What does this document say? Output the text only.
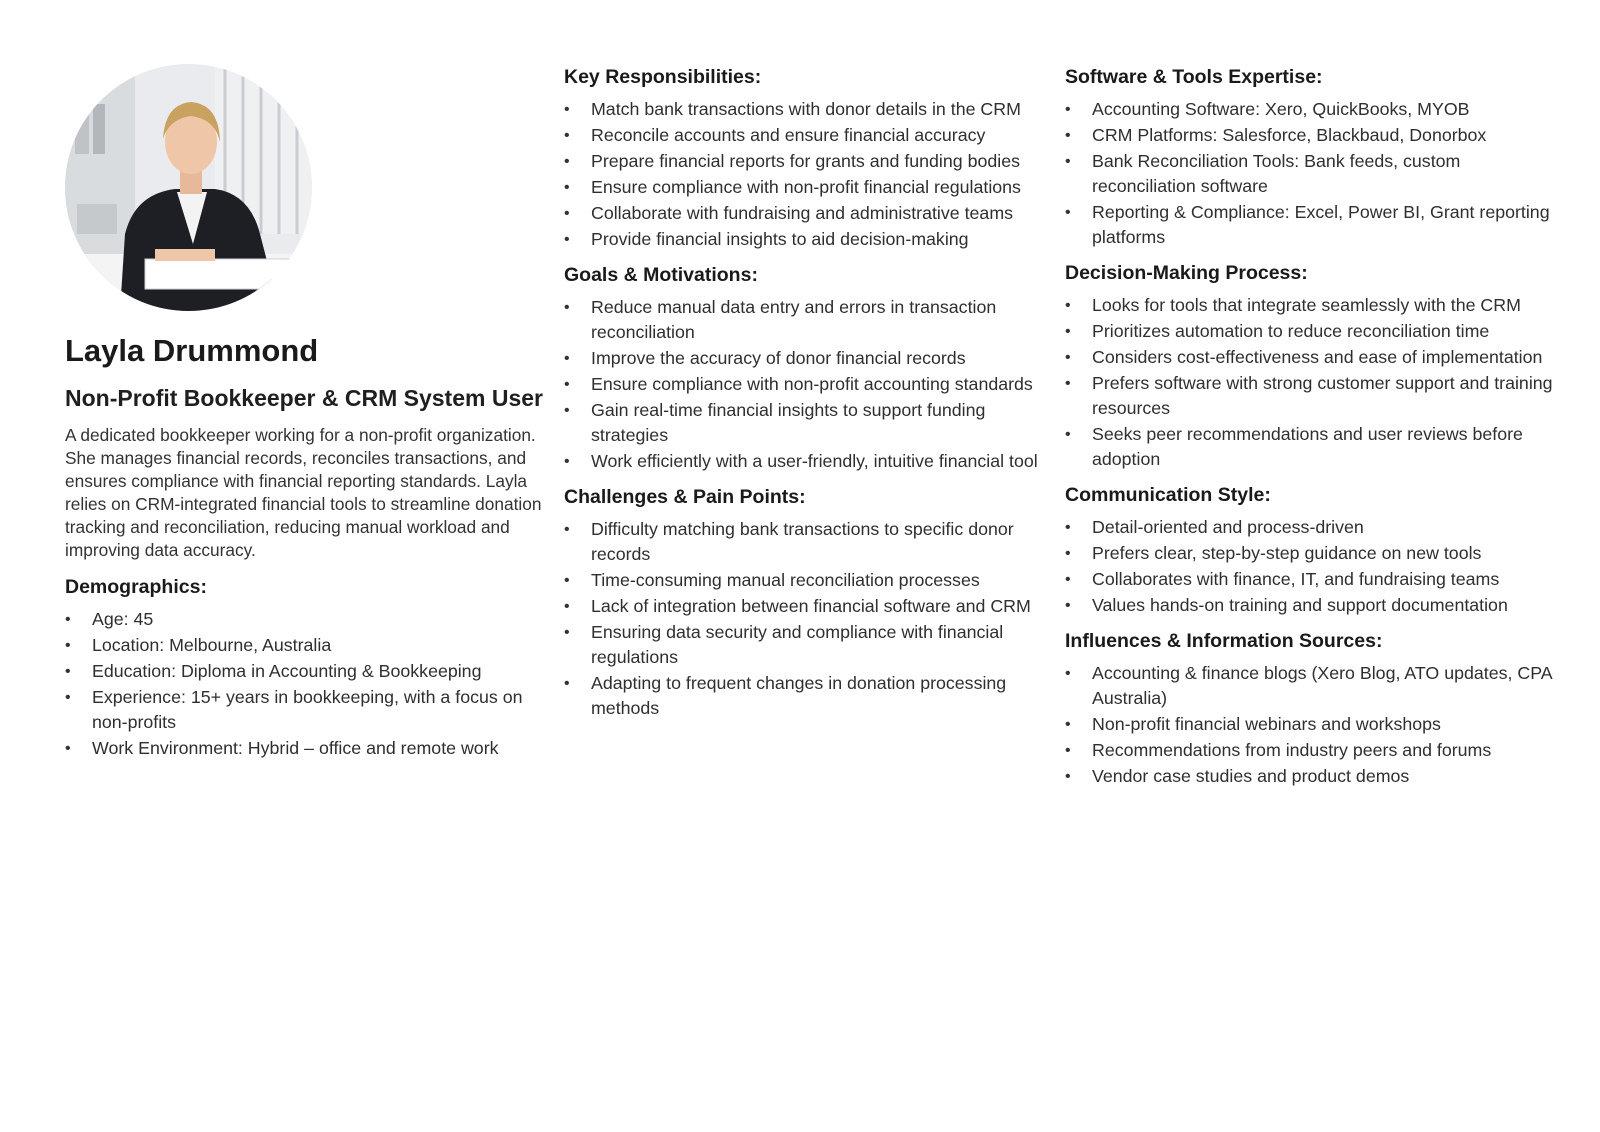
Layla Drummond
Non-Profit Bookkeeper & CRM System User
A dedicated bookkeeper working for a non-profit organization. She manages financial records, reconciles transactions, and ensures compliance with financial reporting standards. Layla relies on CRM-integrated financial tools to streamline donation tracking and reconciliation, reducing manual workload and improving data accuracy.
Demographics:
• Age: 45
• Location: Melbourne, Australia
• Education: Diploma in Accounting & Bookkeeping
• Experience: 15+ years in bookkeeping, with a focus on non-profits
• Work Environment: Hybrid – office and remote work
Key Responsibilities:
• Match bank transactions with donor details in the CRM
• Reconcile accounts and ensure financial accuracy
• Prepare financial reports for grants and funding bodies
• Ensure compliance with non-profit financial regulations
• Collaborate with fundraising and administrative teams
• Provide financial insights to aid decision-making
Goals & Motivations:
• Reduce manual data entry and errors in transaction reconciliation
• Improve the accuracy of donor financial records
• Ensure compliance with non-profit accounting standards
• Gain real-time financial insights to support funding strategies
• Work efficiently with a user-friendly, intuitive financial tool
Challenges & Pain Points:
• Difficulty matching bank transactions to specific donor records
• Time-consuming manual reconciliation processes
• Lack of integration between financial software and CRM
• Ensuring data security and compliance with financial regulations
• Adapting to frequent changes in donation processing methods
Software & Tools Expertise:
• Accounting Software: Xero, QuickBooks, MYOB
• CRM Platforms: Salesforce, Blackbaud, Donorbox
• Bank Reconciliation Tools: Bank feeds, custom reconciliation software
• Reporting & Compliance: Excel, Power BI, Grant reporting platforms
Decision-Making Process:
• Looks for tools that integrate seamlessly with the CRM
• Prioritizes automation to reduce reconciliation time
• Considers cost-effectiveness and ease of implementation
• Prefers software with strong customer support and training resources
• Seeks peer recommendations and user reviews before adoption
Communication Style:
• Detail-oriented and process-driven
• Prefers clear, step-by-step guidance on new tools
• Collaborates with finance, IT, and fundraising teams
• Values hands-on training and support documentation
Influences & Information Sources:
• Accounting & finance blogs (Xero Blog, ATO updates, CPA Australia)
• Non-profit financial webinars and workshops
• Recommendations from industry peers and forums
• Vendor case studies and product demos
